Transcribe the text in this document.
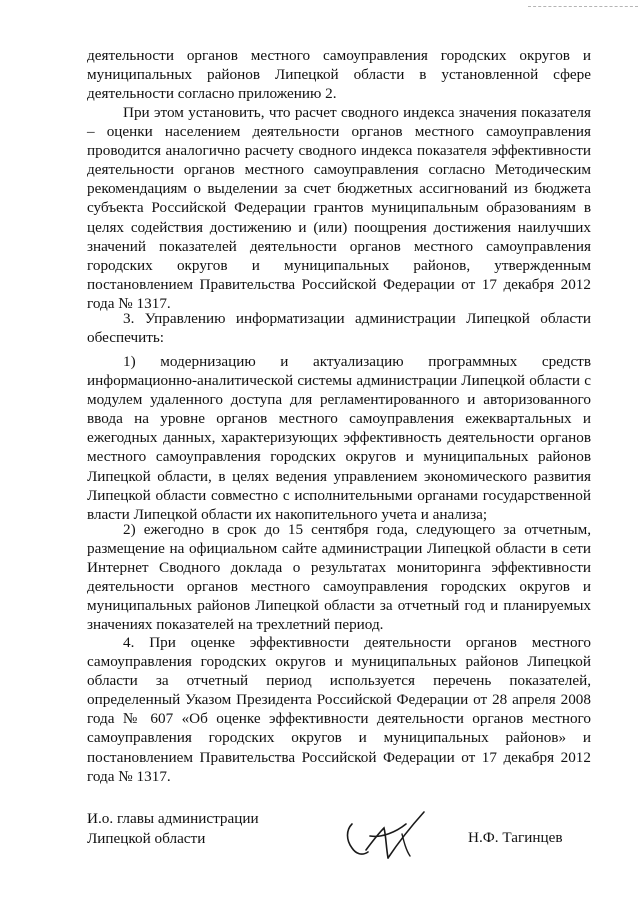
деятельности органов местного самоуправления городских округов и муниципальных районов Липецкой области в установленной сфере деятельности согласно приложению 2.
При этом установить, что расчет сводного индекса значения показателя – оценки населением деятельности органов местного самоуправления проводится аналогично расчету сводного индекса показателя эффективности деятельности органов местного самоуправления согласно Методическим рекомендациям о выделении за счет бюджетных ассигнований из бюджета субъекта Российской Федерации грантов муниципальным образованиям в целях содействия достижению и (или) поощрения достижения наилучших значений показателей деятельности органов местного самоуправления городских округов и муниципальных районов, утвержденным постановлением Правительства Российской Федерации от 17 декабря 2012 года № 1317.
3. Управлению информатизации администрации Липецкой области обеспечить:
1) модернизацию и актуализацию программных средств информационно-аналитической системы администрации Липецкой области с модулем удаленного доступа для регламентированного и авторизованного ввода на уровне органов местного самоуправления ежеквартальных и ежегодных данных, характеризующих эффективность деятельности органов местного самоуправления городских округов и муниципальных районов Липецкой области, в целях ведения управлением экономического развития Липецкой области совместно с исполнительными органами государственной власти Липецкой области их накопительного учета и анализа;
2) ежегодно в срок до 15 сентября года, следующего за отчетным, размещение на официальном сайте администрации Липецкой области в сети Интернет Сводного доклада о результатах мониторинга эффективности деятельности органов местного самоуправления городских округов и муниципальных районов Липецкой области за отчетный год и планируемых значениях показателей на трехлетний период.
4. При оценке эффективности деятельности органов местного самоуправления городских округов и муниципальных районов Липецкой области за отчетный период используется перечень показателей, определенный Указом Президента Российской Федерации от 28 апреля 2008 года № 607 «Об оценке эффективности деятельности органов местного самоуправления городских округов и муниципальных районов» и постановлением Правительства Российской Федерации от 17 декабря 2012 года № 1317.
И.о. главы администрации
Липецкой области	Н.Ф. Тагинцев
